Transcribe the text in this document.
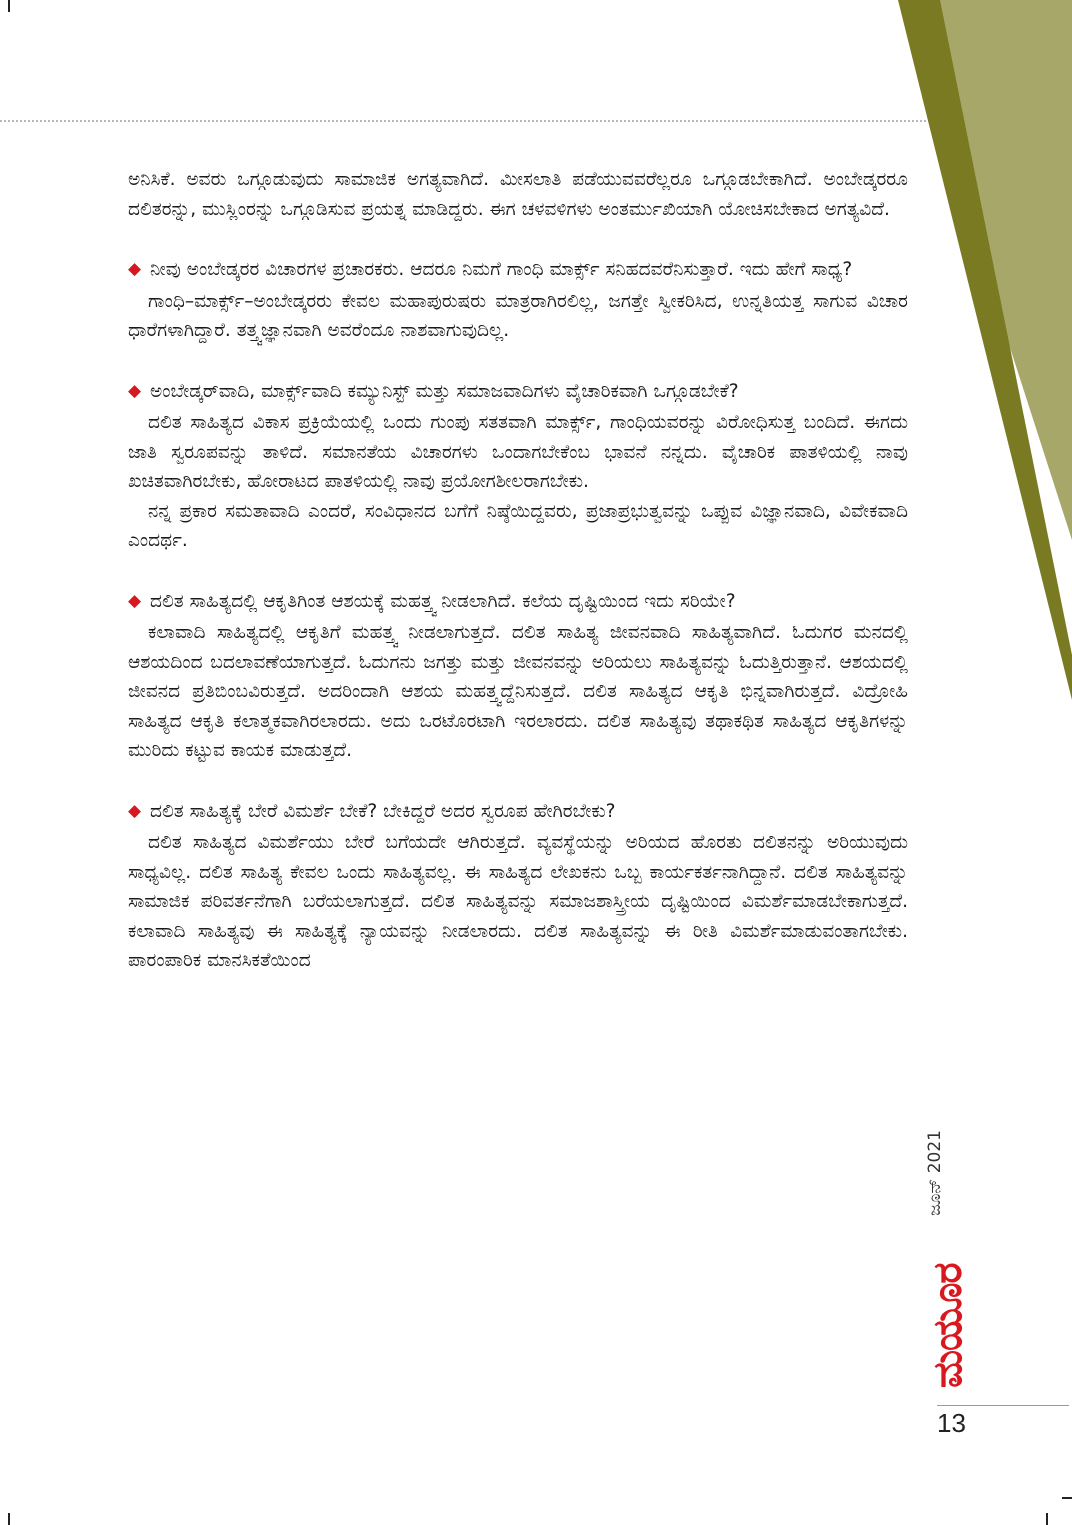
ಅನಿಸಿಕೆ. ಅವರು ಒಗ್ಗೂಡುವುದು ಸಾಮಾಜಿಕ ಅಗತ್ಯವಾಗಿದೆ. ಮೀಸಲಾತಿ ಪಡೆಯುವವರೆಲ್ಲರೂ ಒಗ್ಗೂಡಬೇಕಾಗಿದೆ. ಅಂಬೇಡ್ಕರರೂ ದಲಿತರನ್ನು, ಮುಸ್ಲಿಂರನ್ನು ಒಗ್ಗೂಡಿಸುವ ಪ್ರಯತ್ನ ಮಾಡಿದ್ದರು. ಈಗ ಚಳವಳಿಗಳು ಅಂತರ್ಮುಖಿಯಾಗಿ ಯೋಚಿಸಬೇಕಾದ ಅಗತ್ಯವಿದೆ.

◆ ನೀವು ಅಂಬೇಡ್ಕರರ ವಿಚಾರಗಳ ಪ್ರಚಾರಕರು. ಆದರೂ ನಿಮಗೆ ಗಾಂಧಿ ಮಾರ್ಕ್ಸ್ ಸನಿಹದವರೆನಿಸುತ್ತಾರೆ. ಇದು ಹೇಗೆ ಸಾಧ್ಯ?

ಗಾಂಧಿ–ಮಾರ್ಕ್ಸ್–ಅಂಬೇಡ್ಕರರು ಕೇವಲ ಮಹಾಪುರುಷರು ಮಾತ್ರರಾಗಿರಲಿಲ್ಲ, ಜಗತ್ತೇ ಸ್ವೀಕರಿಸಿದ, ಉನ್ನತಿಯತ್ತ ಸಾಗುವ ವಿಚಾರ ಧಾರೆಗಳಾಗಿದ್ದಾರೆ. ತತ್ತ್ವಜ್ಞಾನವಾಗಿ ಅವರೆಂದೂ ನಾಶವಾಗುವುದಿಲ್ಲ.

◆ ಅಂಬೇಡ್ಕರ್‌ವಾದಿ, ಮಾರ್ಕ್ಸ್‌ವಾದಿ ಕಮ್ಯುನಿಸ್ಟ್ ಮತ್ತು ಸಮಾಜವಾದಿಗಳು ವೈಚಾರಿಕವಾಗಿ ಒಗ್ಗೂಡಬೇಕೆ?

ದಲಿತ ಸಾಹಿತ್ಯದ ವಿಕಾಸ ಪ್ರಕ್ರಿಯೆಯಲ್ಲಿ ಒಂದು ಗುಂಪು ಸತತವಾಗಿ ಮಾರ್ಕ್ಸ್, ಗಾಂಧಿಯವರನ್ನು ವಿರೋಧಿಸುತ್ತ ಬಂದಿದೆ. ಈಗದು ಜಾತಿ ಸ್ವರೂಪವನ್ನು ತಾಳಿದೆ. ಸಮಾನತೆಯ ವಿಚಾರಗಳು ಒಂದಾಗಬೇಕೆಂಬ ಭಾವನೆ ನನ್ನದು. ವೈಚಾರಿಕ ಪಾತಳಿಯಲ್ಲಿ ನಾವು ಖಚಿತವಾಗಿರಬೇಕು, ಹೋರಾಟದ ಪಾತಳಿಯಲ್ಲಿ ನಾವು ಪ್ರಯೋಗಶೀಲರಾಗಬೇಕು.

ನನ್ನ ಪ್ರಕಾರ ಸಮತಾವಾದಿ ಎಂದರೆ, ಸಂವಿಧಾನದ ಬಗೆಗೆ ನಿಷ್ಠೆಯಿದ್ದವರು, ಪ್ರಜಾಪ್ರಭುತ್ವವನ್ನು ಒಪ್ಪುವ ವಿಜ್ಞಾನವಾದಿ, ವಿವೇಕವಾದಿ ಎಂದರ್ಥ.

◆ ದಲಿತ ಸಾಹಿತ್ಯದಲ್ಲಿ ಆಕೃತಿಗಿಂತ ಆಶಯಕ್ಕೆ ಮಹತ್ತ್ವ ನೀಡಲಾಗಿದೆ. ಕಲೆಯ ದೃಷ್ಟಿಯಿಂದ ಇದು ಸರಿಯೇ?

ಕಲಾವಾದಿ ಸಾಹಿತ್ಯದಲ್ಲಿ ಆಕೃತಿಗೆ ಮಹತ್ತ್ವ ನೀಡಲಾಗುತ್ತದೆ. ದಲಿತ ಸಾಹಿತ್ಯ ಜೀವನವಾದಿ ಸಾಹಿತ್ಯವಾಗಿದೆ. ಓದುಗರ ಮನದಲ್ಲಿ ಆಶಯದಿಂದ ಬದಲಾವಣೆಯಾಗುತ್ತದೆ. ಓದುಗನು ಜಗತ್ತು ಮತ್ತು ಜೀವನವನ್ನು ಅರಿಯಲು ಸಾಹಿತ್ಯವನ್ನು ಓದುತ್ತಿರುತ್ತಾನೆ. ಆಶಯದಲ್ಲಿ ಜೀವನದ ಪ್ರತಿಬಿಂಬವಿರುತ್ತದೆ. ಅದರಿಂದಾಗಿ ಆಶಯ ಮಹತ್ತ್ವದ್ದೆನಿಸುತ್ತದೆ. ದಲಿತ ಸಾಹಿತ್ಯದ ಆಕೃತಿ ಭಿನ್ನವಾಗಿರುತ್ತದೆ. ವಿದ್ರೋಹಿ ಸಾಹಿತ್ಯದ ಆಕೃತಿ ಕಲಾತ್ಮಕವಾಗಿರಲಾರದು. ಅದು ಒರಟೊರಟಾಗಿ ಇರಲಾರದು. ದಲಿತ ಸಾಹಿತ್ಯವು ತಥಾಕಥಿತ ಸಾಹಿತ್ಯದ ಆಕೃತಿಗಳನ್ನು ಮುರಿದು ಕಟ್ಟುವ ಕಾಯಕ ಮಾಡುತ್ತದೆ.

◆ ದಲಿತ ಸಾಹಿತ್ಯಕ್ಕೆ ಬೇರೆ ವಿಮರ್ಶೆ ಬೇಕೆ? ಬೇಕಿದ್ದರೆ ಅದರ ಸ್ವರೂಪ ಹೇಗಿರಬೇಕು?

ದಲಿತ ಸಾಹಿತ್ಯದ ವಿಮರ್ಶೆಯು ಬೇರೆ ಬಗೆಯದೇ ಆಗಿರುತ್ತದೆ. ವ್ಯವಸ್ಥೆಯನ್ನು ಅರಿಯದ ಹೊರತು ದಲಿತನನ್ನು ಅರಿಯುವುದು ಸಾಧ್ಯವಿಲ್ಲ. ದಲಿತ ಸಾಹಿತ್ಯ ಕೇವಲ ಒಂದು ಸಾಹಿತ್ಯವಲ್ಲ. ಈ ಸಾಹಿತ್ಯದ ಲೇಖಕನು ಒಬ್ಬ ಕಾರ್ಯಕರ್ತನಾಗಿದ್ದಾನೆ. ದಲಿತ ಸಾಹಿತ್ಯವನ್ನು ಸಾಮಾಜಿಕ ಪರಿವರ್ತನೆಗಾಗಿ ಬರೆಯಲಾಗುತ್ತದೆ. ದಲಿತ ಸಾಹಿತ್ಯವನ್ನು ಸಮಾಜಶಾಸ್ತ್ರೀಯ ದೃಷ್ಟಿಯಿಂದ ವಿಮರ್ಶೆಮಾಡಬೇಕಾಗುತ್ತದೆ. ಕಲಾವಾದಿ ಸಾಹಿತ್ಯವು ಈ ಸಾಹಿತ್ಯಕ್ಕೆ ನ್ಯಾಯವನ್ನು ನೀಡಲಾರದು. ದಲಿತ ಸಾಹಿತ್ಯವನ್ನು ಈ ರೀತಿ ವಿಮರ್ಶೆಮಾಡುವಂತಾಗಬೇಕು. ಪಾರಂಪಾರಿಕ ಮಾನಸಿಕತೆಯಿಂದ

ಜೂನ್ 2021
ಮಯೂರ
13
